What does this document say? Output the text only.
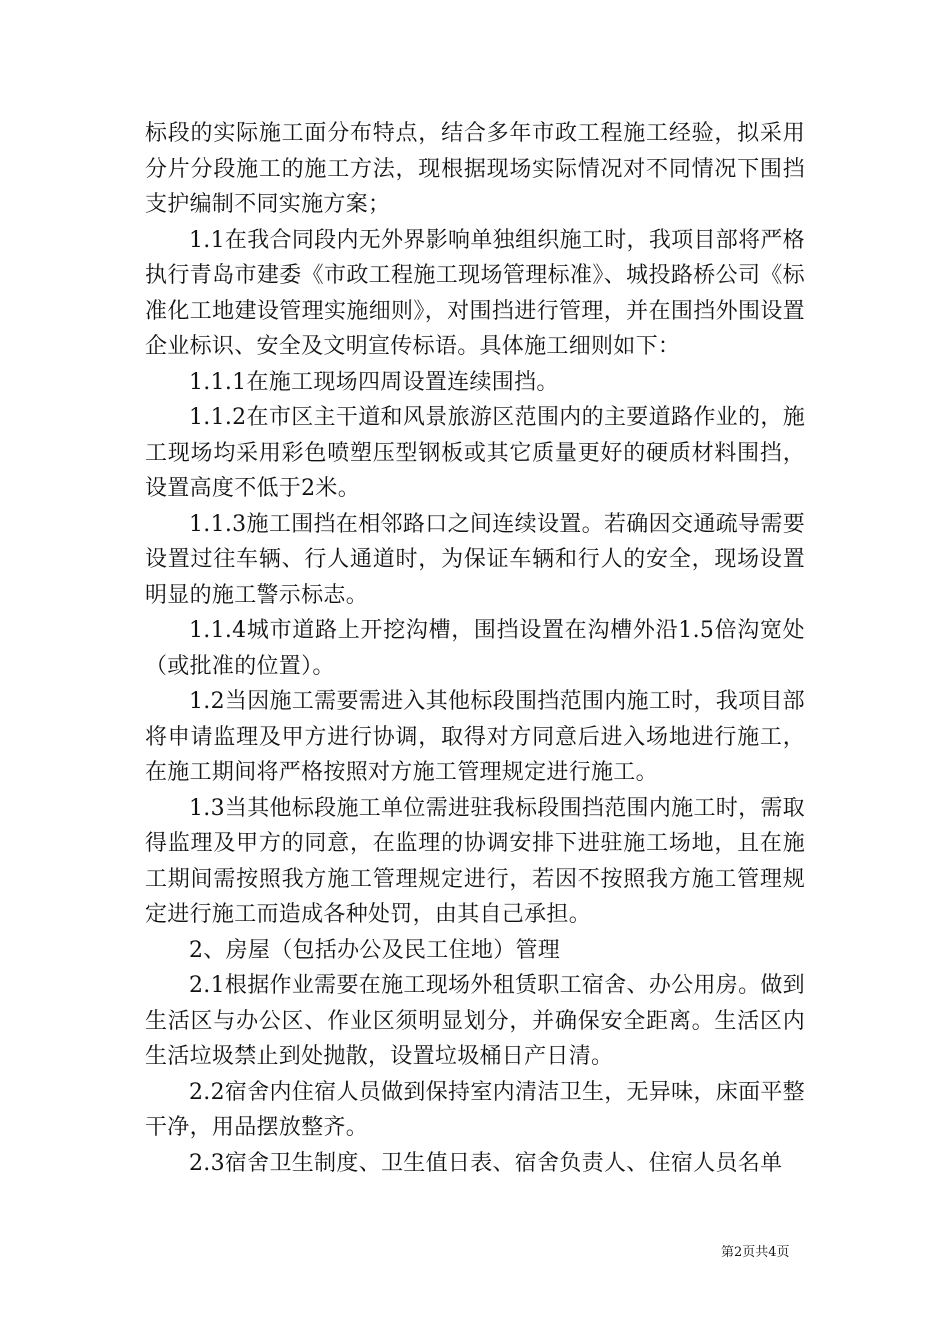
标段的实际施工面分布特点，结合多年市政工程施工经验，拟采用分片分段施工的施工方法，现根据现场实际情况对不同情况下围挡支护编制不同实施方案；

1.1在我合同段内无外界影响单独组织施工时，我项目部将严格执行青岛市建委《市政工程施工现场管理标准》、城投路桥公司《标准化工地建设管理实施细则》，对围挡进行管理，并在围挡外围设置企业标识、安全及文明宣传标语。具体施工细则如下：

1.1.1在施工现场四周设置连续围挡。

1.1.2在市区主干道和风景旅游区范围内的主要道路作业的，施工现场均采用彩色喷塑压型钢板或其它质量更好的硬质材料围挡，设置高度不低于2米。

1.1.3施工围挡在相邻路口之间连续设置。若确因交通疏导需要设置过往车辆、行人通道时，为保证车辆和行人的安全，现场设置明显的施工警示标志。

1.1.4城市道路上开挖沟槽，围挡设置在沟槽外沿1.5倍沟宽处（或批准的位置）。

1.2当因施工需要需进入其他标段围挡范围内施工时，我项目部将申请监理及甲方进行协调，取得对方同意后进入场地进行施工，在施工期间将严格按照对方施工管理规定进行施工。

1.3当其他标段施工单位需进驻我标段围挡范围内施工时，需取得监理及甲方的同意，在监理的协调安排下进驻施工场地，且在施工期间需按照我方施工管理规定进行，若因不按照我方施工管理规定进行施工而造成各种处罚，由其自己承担。

2、房屋（包括办公及民工住地）管理

2.1根据作业需要在施工现场外租赁职工宿舍、办公用房。做到生活区与办公区、作业区须明显划分，并确保安全距离。生活区内生活垃圾禁止到处抛散，设置垃圾桶日产日清。

2.2宿舍内住宿人员做到保持室内清洁卫生，无异味，床面平整干净，用品摆放整齐。

2.3宿舍卫生制度、卫生值日表、宿舍负责人、住宿人员名单

第2页共4页
